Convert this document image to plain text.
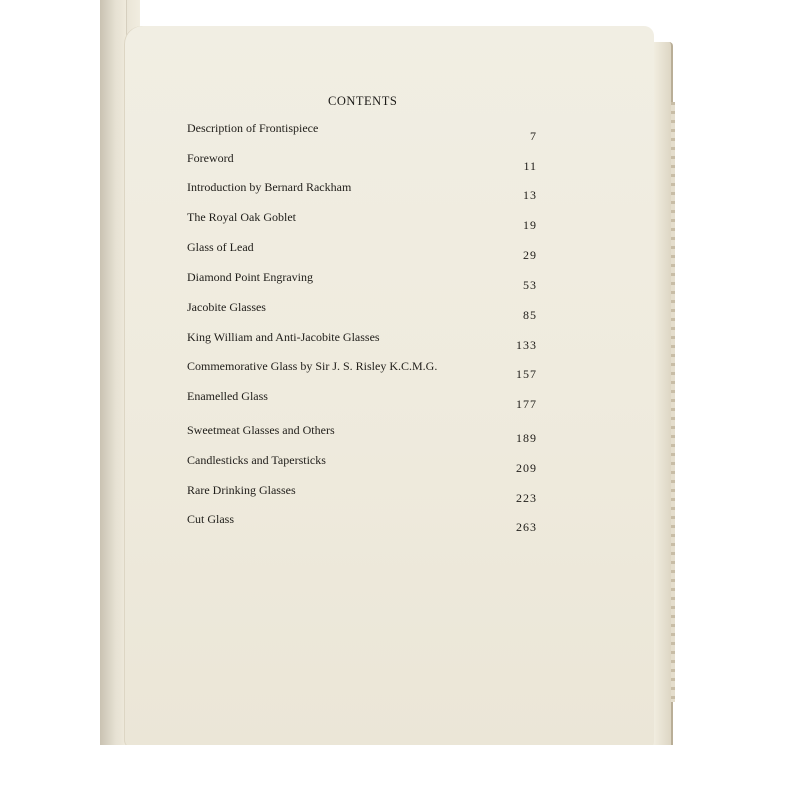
CONTENTS
Description of Frontispiece
7
Foreword
11
Introduction by Bernard Rackham
13
The Royal Oak Goblet
19
Glass of Lead
29
Diamond Point Engraving
53
Jacobite Glasses
85
King William and Anti-Jacobite Glasses
133
Commemorative Glass by Sir J. S. Risley K.C.M.G.
157
Enamelled Glass
177
Sweetmeat Glasses and Others
189
Candlesticks and Tapersticks
209
Rare Drinking Glasses
223
Cut Glass
263
